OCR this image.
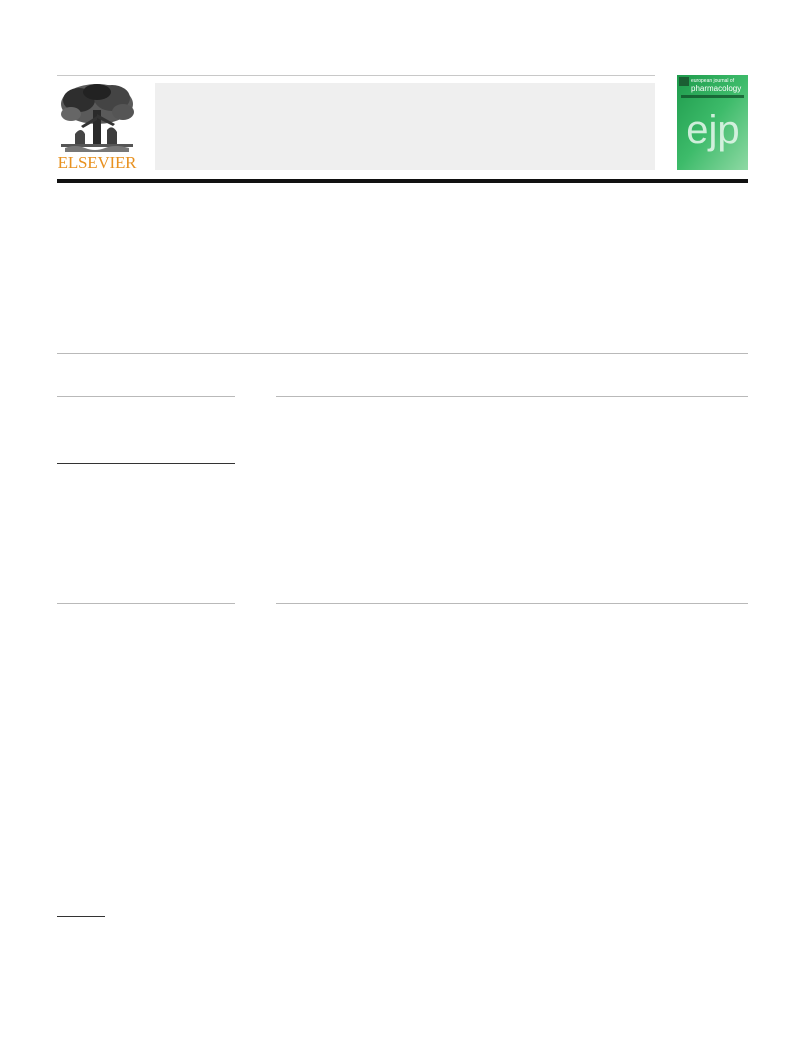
ELSEVIER
ejp
european journal of
pharmacology
